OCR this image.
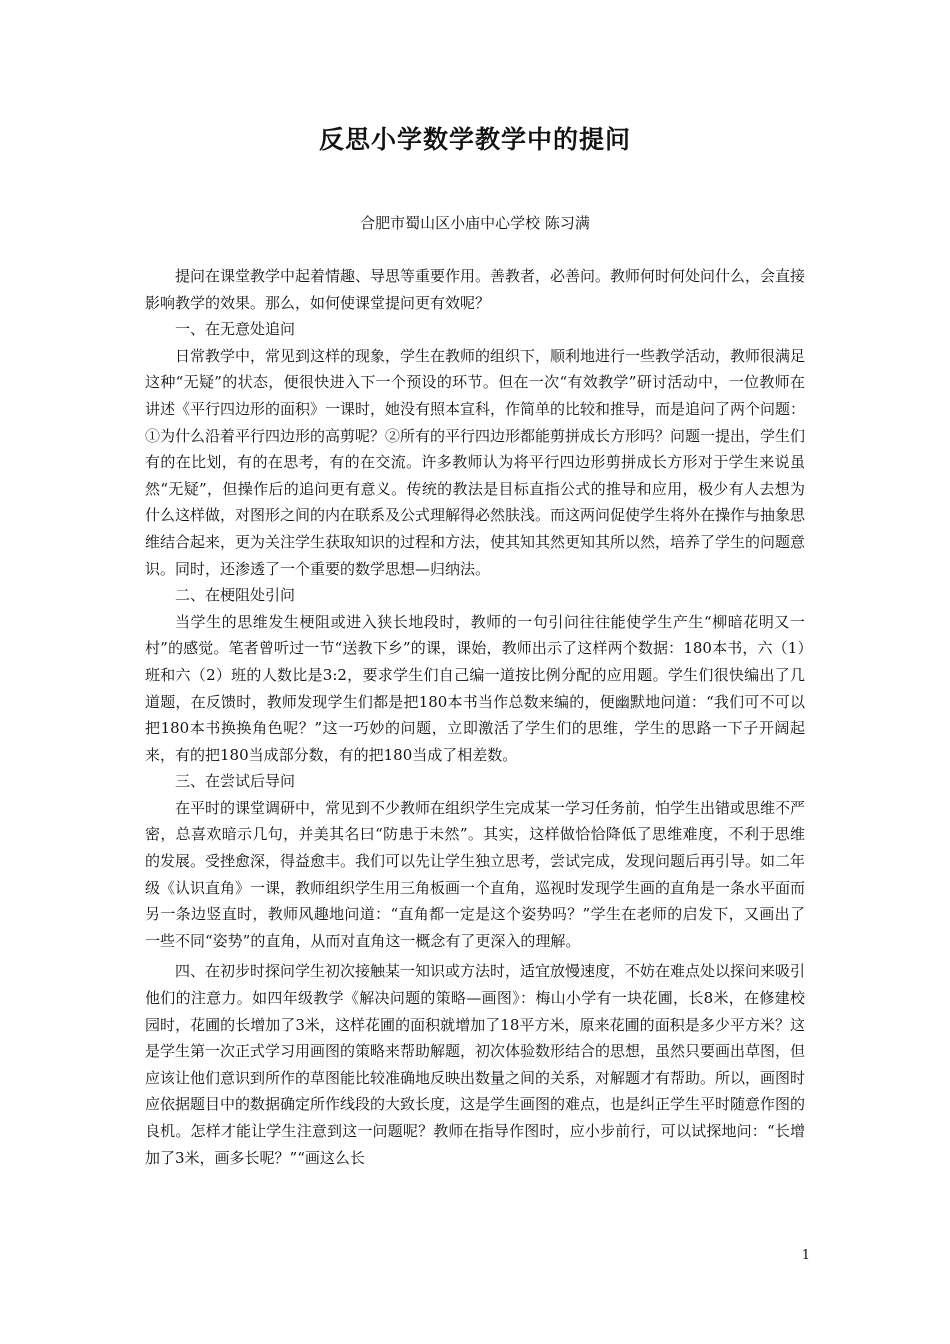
反思小学数学教学中的提问

合肥市蜀山区小庙中心学校 陈习满

提问在课堂教学中起着情趣、导思等重要作用。善教者，必善问。教师何时何处问什么，会直接影响教学的效果。那么，如何使课堂提问更有效呢？

一、在无意处追问

日常教学中，常见到这样的现象，学生在教师的组织下，顺利地进行一些教学活动，教师很满足这种“无疑”的状态，便很快进入下一个预设的环节。但在一次“有效教学”研讨活动中，一位教师在讲述《平行四边形的面积》一课时，她没有照本宣科，作简单的比较和推导，而是追问了两个问题：①为什么沿着平行四边形的高剪呢？②所有的平行四边形都能剪拼成长方形吗？问题一提出，学生们有的在比划，有的在思考，有的在交流。许多教师认为将平行四边形剪拼成长方形对于学生来说虽然“无疑”，但操作后的追问更有意义。传统的教法是目标直指公式的推导和应用，极少有人去想为什么这样做，对图形之间的内在联系及公式理解得必然肤浅。而这两问促使学生将外在操作与抽象思维结合起来，更为关注学生获取知识的过程和方法，使其知其然更知其所以然，培养了学生的问题意识。同时，还渗透了一个重要的数学思想—归纳法。

二、在梗阻处引问

当学生的思维发生梗阻或进入狭长地段时，教师的一句引问往往能使学生产生“柳暗花明又一村”的感觉。笔者曾听过一节“送教下乡”的课，课始，教师出示了这样两个数据：180本书，六（1）班和六（2）班的人数比是3:2，要求学生们自己编一道按比例分配的应用题。学生们很快编出了几道题，在反馈时，教师发现学生们都是把180本书当作总数来编的，便幽默地问道：“我们可不可以把180本书换换角色呢？”这一巧妙的问题，立即激活了学生们的思维，学生的思路一下子开阔起来，有的把180当成部分数，有的把180当成了相差数。

三、在尝试后导问

在平时的课堂调研中，常见到不少教师在组织学生完成某一学习任务前，怕学生出错或思维不严密，总喜欢暗示几句，并美其名曰“防患于未然”。其实，这样做恰恰降低了思维难度，不利于思维的发展。受挫愈深，得益愈丰。我们可以先让学生独立思考，尝试完成，发现问题后再引导。如二年级《认识直角》一课，教师组织学生用三角板画一个直角，巡视时发现学生画的直角是一条水平面而另一条边竖直时，教师风趣地问道：“直角都一定是这个姿势吗？”学生在老师的启发下，又画出了一些不同“姿势”的直角，从而对直角这一概念有了更深入的理解。

四、在初步时探问学生初次接触某一知识或方法时，适宜放慢速度，不妨在难点处以探问来吸引他们的注意力。如四年级教学《解决问题的策略—画图》：梅山小学有一块花圃，长8米，在修建校园时，花圃的长增加了3米，这样花圃的面积就增加了18平方米，原来花圃的面积是多少平方米？这是学生第一次正式学习用画图的策略来帮助解题，初次体验数形结合的思想，虽然只要画出草图，但应该让他们意识到所作的草图能比较准确地反映出数量之间的关系，对解题才有帮助。所以，画图时应依据题目中的数据确定所作线段的大致长度，这是学生画图的难点，也是纠正学生平时随意作图的良机。怎样才能让学生注意到这一问题呢？教师在指导作图时，应小步前行，可以试探地问：“长增加了3米，画多长呢？”“画这么长

1
